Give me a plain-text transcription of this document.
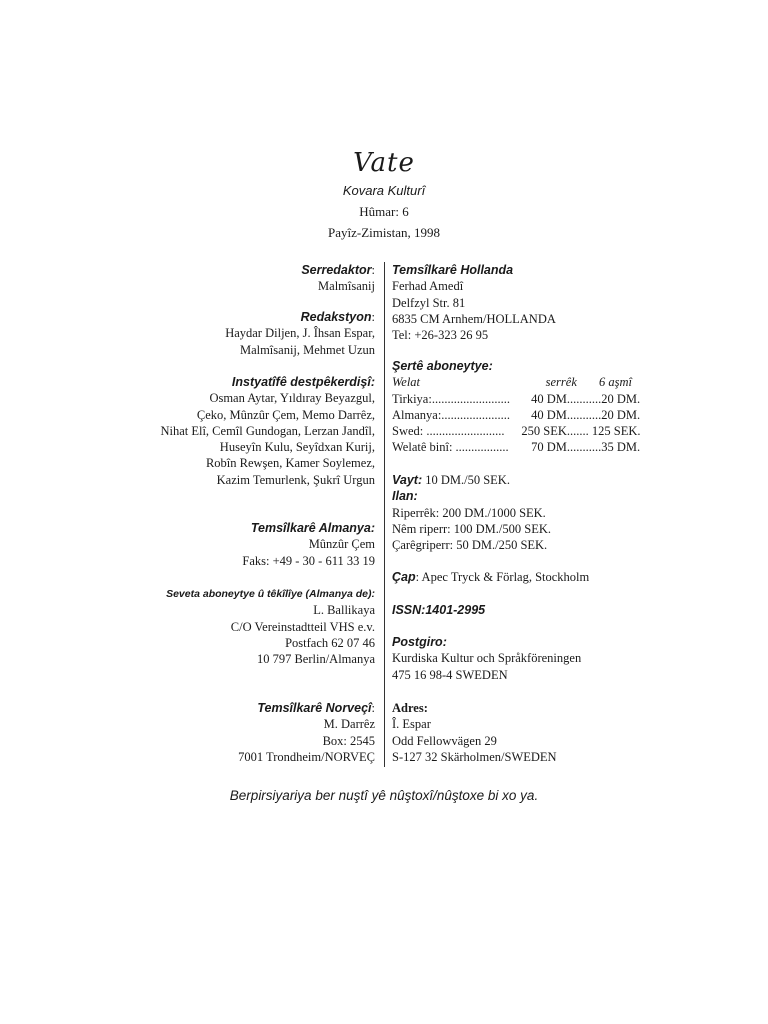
Vate
Kovara Kulturî
Hûmar: 6
Payîz-Zimistan, 1998
Serredaktor:
Malmîsanij
Redakstyon:
Haydar Diljen, J. Îhsan Espar,
Malmîsanij, Mehmet Uzun
Instyatîfê destpêkerdişî:
Osman Aytar, Yıldıray Beyazgul,
Çeko, Mûnzûr Çem, Memo Darrêz,
Nihat Elî, Cemîl Gundogan, Lerzan Jandîl,
Huseyîn Kulu, Seyîdxan Kurij,
Robîn Rewşen, Kamer Soylemez,
Kazim Temurlenk, Şukrî Urgun
Temsîlkarê Almanya:
Mûnzûr Çem
Faks: +49 - 30 - 611 33 19
Seveta aboneytye û têkîlîye (Almanya de):
L. Ballikaya
C/O Vereinstadtteil VHS e.v.
Postfach 62 07 46
10 797 Berlin/Almanya
Temsîlkarê Norveçî:
M. Darrêz
Box: 2545
7001 Trondheim/NORVEÇ
Temsîlkarê Hollanda
Ferhad Amedî
Delfzyl Str. 81
6835 CM Arnhem/HOLLANDA
Tel: +26-323 26 95
Şertê aboneytye:
Welat	serrêk	6 aşmî
Tirkiya:.........................	40 DM. ..........20 DM.
Almanya:......................	40 DM. ..........20 DM.
Swed: .........................	250 SEK. ...... 125 SEK.
Welatê binî: .................	70 DM. ..........35 DM.
Vayt: 10 DM./50 SEK.
Ilan:
Riperrêk: 200 DM./1000 SEK.
Nêm riperr: 100 DM./500 SEK.
Çarêgriperr: 50 DM./250 SEK.
Çap: Apec Tryck & Förlag, Stockholm
ISSN:1401-2995
Postgiro:
Kurdiska Kultur och Språkföreningen
475 16 98-4 SWEDEN
Adres:
Î. Espar
Odd Fellowvägen 29
S-127 32 Skärholmen/SWEDEN
Berpirsiyariya ber nuştî yê nûştoxî/nûştoxe bi xo ya.
